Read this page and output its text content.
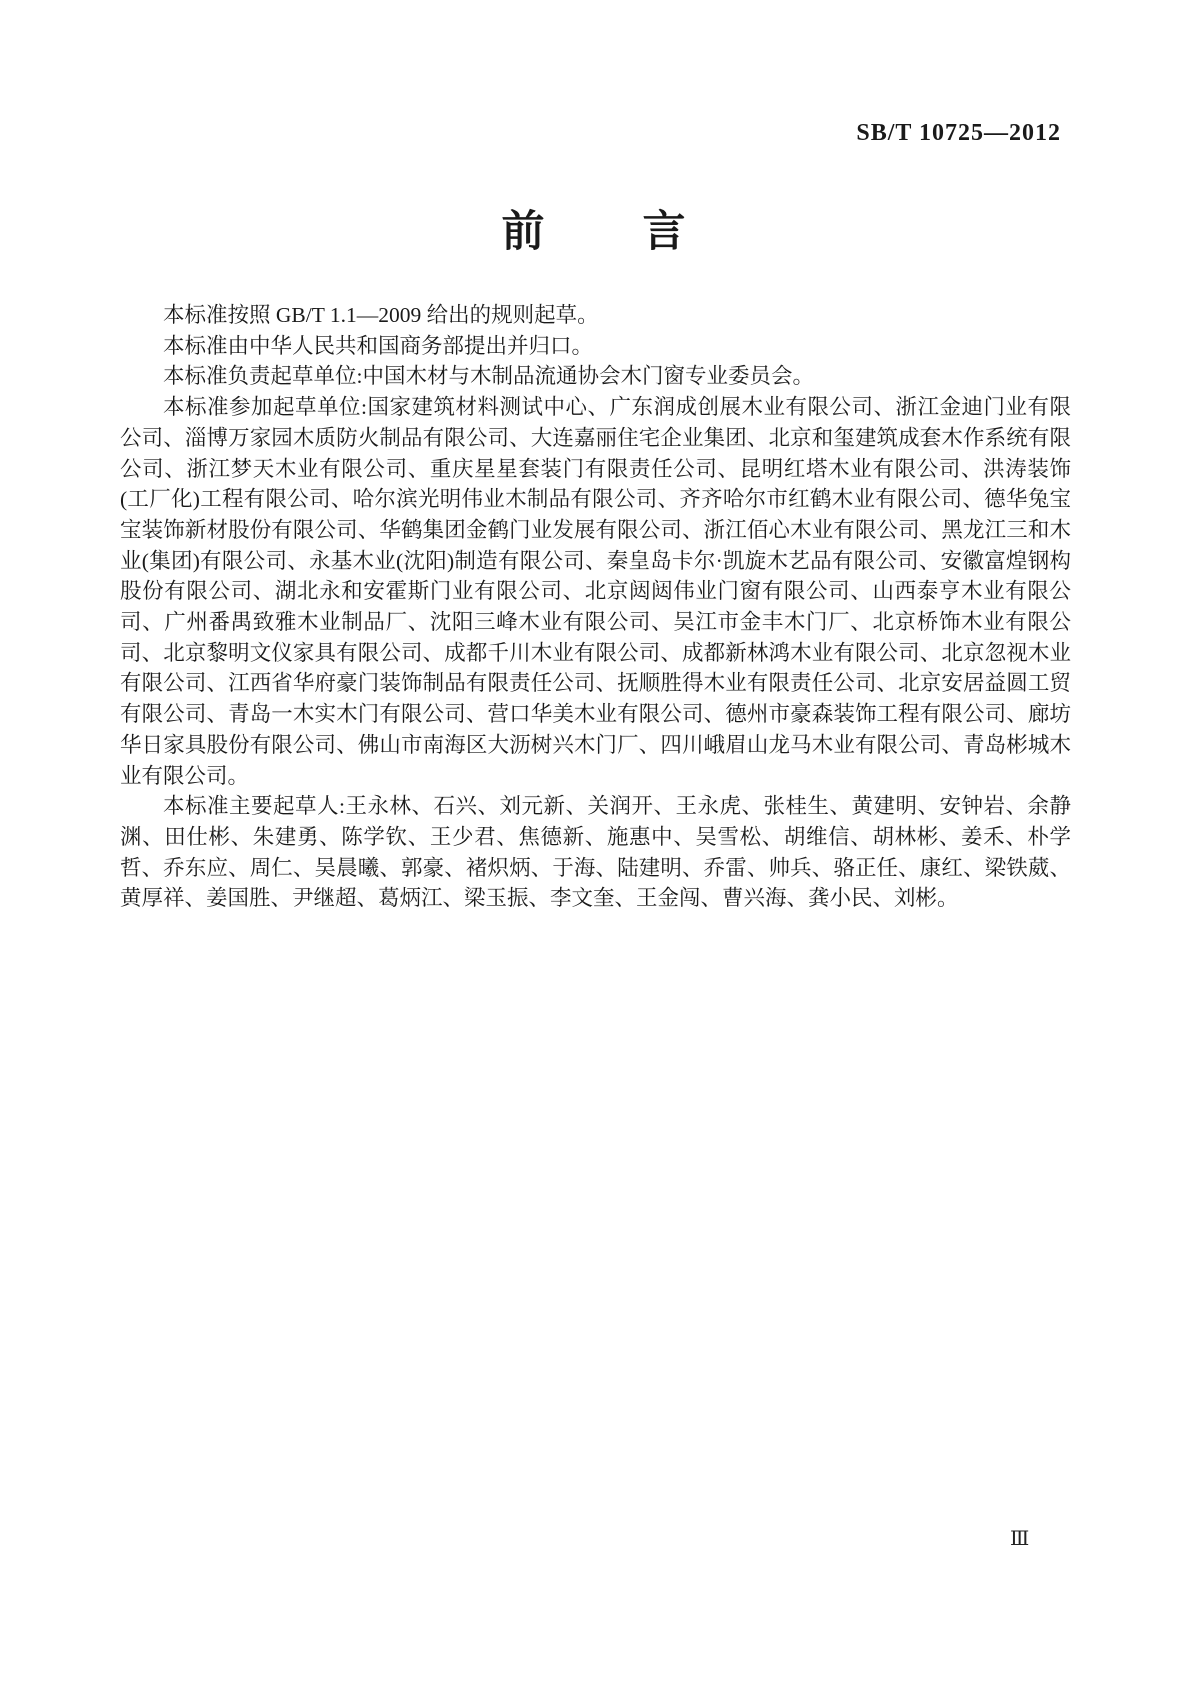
SB/T 10725—2012
前　　言

本标准按照 GB/T 1.1—2009 给出的规则起草。

本标准由中华人民共和国商务部提出并归口。

本标准负责起草单位:中国木材与木制品流通协会木门窗专业委员会。

本标准参加起草单位:国家建筑材料测试中心、广东润成创展木业有限公司、浙江金迪门业有限公司、淄博万家园木质防火制品有限公司、大连嘉丽住宅企业集团、北京和玺建筑成套木作系统有限公司、浙江梦天木业有限公司、重庆星星套装门有限责任公司、昆明红塔木业有限公司、洪涛装饰(工厂化)工程有限公司、哈尔滨光明伟业木制品有限公司、齐齐哈尔市红鹤木业有限公司、德华兔宝宝装饰新材股份有限公司、华鹤集团金鹤门业发展有限公司、浙江佰心木业有限公司、黑龙江三和木业(集团)有限公司、永基木业(沈阳)制造有限公司、秦皇岛卡尔·凯旋木艺品有限公司、安徽富煌钢构股份有限公司、湖北永和安霍斯门业有限公司、北京闼闼伟业门窗有限公司、山西泰亨木业有限公司、广州番禺致雅木业制品厂、沈阳三峰木业有限公司、吴江市金丰木门厂、北京桥饰木业有限公司、北京黎明文仪家具有限公司、成都千川木业有限公司、成都新林鸿木业有限公司、北京忽视木业有限公司、江西省华府豪门装饰制品有限责任公司、抚顺胜得木业有限责任公司、北京安居益圆工贸有限公司、青岛一木实木门有限公司、营口华美木业有限公司、德州市豪森装饰工程有限公司、廊坊华日家具股份有限公司、佛山市南海区大沥树兴木门厂、四川峨眉山龙马木业有限公司、青岛彬城木业有限公司。

本标准主要起草人:王永林、石兴、刘元新、关润开、王永虎、张桂生、黄建明、安钟岩、余静渊、田仕彬、朱建勇、陈学钦、王少君、焦德新、施惠中、吴雪松、胡维信、胡林彬、姜禾、朴学哲、乔东应、周仁、吴晨曦、郭豪、褚炽炳、于海、陆建明、乔雷、帅兵、骆正任、康红、梁铁葳、黄厚祥、姜国胜、尹继超、葛炳江、梁玉振、李文奎、王金闯、曹兴海、龚小民、刘彬。

Ⅲ
